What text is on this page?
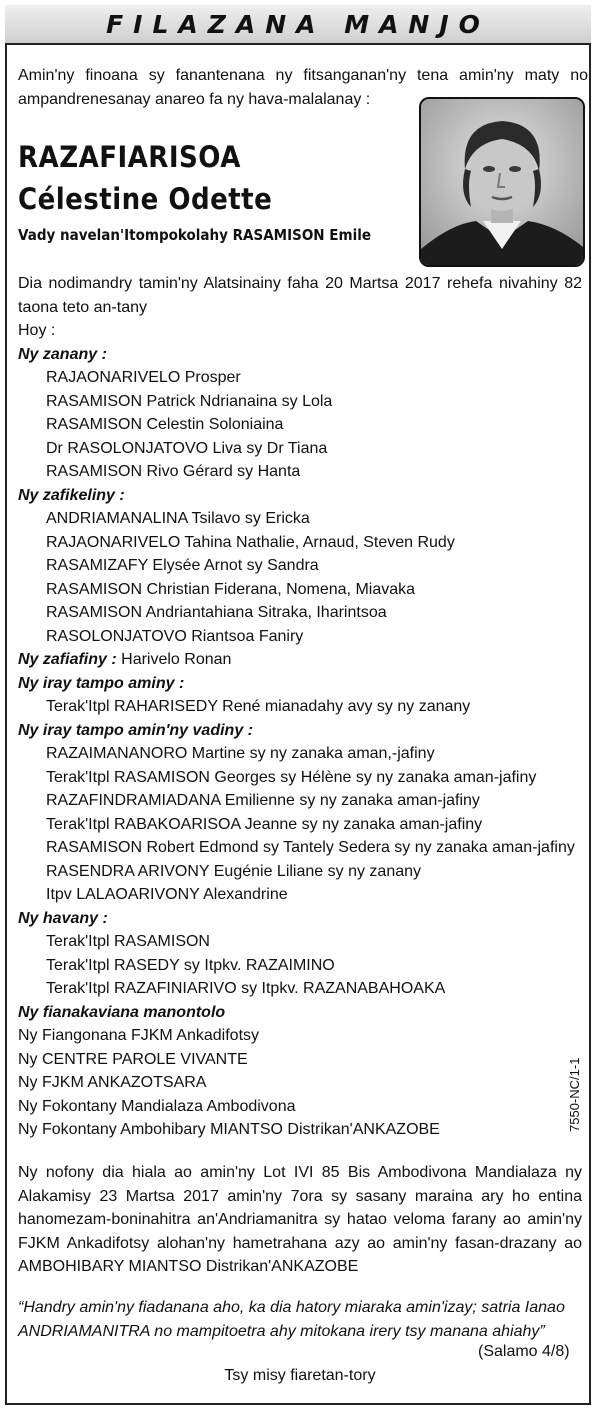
FILAZANA MANJO
Amin'ny finoana sy fanantenana ny fitsanganan'ny tena amin'ny maty no ampandrenesanay anareo fa ny hava-malalanay :
RAZAFIARISOA
Célestine Odette
Vady navelan'Itompokolahy RASAMISON Emile
Dia nodimandry tamin'ny Alatsinainy faha 20 Martsa 2017 rehefa nivahiny 82 taona teto an-tany
Hoy :
Ny zanany :
RAJAONARIVELO Prosper
RASAMISON Patrick Ndrianaina sy Lola
RASAMISON Celestin Soloniaina
Dr RASOLONJATOVO Liva sy Dr Tiana
RASAMISON Rivo Gérard sy Hanta
Ny zafikeliny :
ANDRIAMANALINA Tsilavo sy Ericka
RAJAONARIVELO Tahina Nathalie, Arnaud, Steven Rudy
RASAMIZAFY Elysée Arnot sy Sandra
RASAMISON Christian Fiderana, Nomena, Miavaka
RASAMISON Andriantahiana Sitraka, Iharintsoa
RASOLONJATOVO Riantsoa Faniry
Ny zafiafiny : Harivelo Ronan
Ny iray tampo aminy :
Terak'Itpl RAHARISEDY René mianadahy avy sy ny zanany
Ny iray tampo amin'ny vadiny :
RAZAIMANANORO Martine sy ny zanaka aman,-jafiny
Terak'Itpl RASAMISON Georges sy Hélène sy ny zanaka aman-jafiny
RAZAFINDRAMIADANA Emilienne sy ny zanaka aman-jafiny
Terak'Itpl RABAKOARISOA Jeanne sy ny zanaka aman-jafiny
RASAMISON Robert Edmond sy Tantely Sedera sy ny zanaka aman-jafiny
RASENDRA ARIVONY Eugénie Liliane sy ny zanany
Itpv LALAOARIVONY Alexandrine
Ny havany :
Terak'Itpl RASAMISON
Terak'Itpl RASEDY sy Itpkv. RAZAIMINO
Terak'Itpl RAZAFINIARIVO sy Itpkv. RAZANABAHOAKA
Ny fianakaviana manontolo
Ny Fiangonana FJKM Ankadifotsy
Ny CENTRE PAROLE VIVANTE
Ny FJKM ANKAZOTSARA
Ny Fokontany Mandialaza Ambodivona
Ny Fokontany Ambohibary MIANTSO Distrikan'ANKAZOBE	7550-NC/1-1
Ny nofony dia hiala ao amin'ny Lot IVI 85 Bis Ambodivona Mandialaza ny Alakamisy 23 Martsa 2017 amin'ny 7ora sy sasany maraina ary ho entina hanomezam-boninahitra an'Andriamanitra sy hatao veloma farany ao amin'ny FJKM Ankadifotsy alohan'ny hametrahana azy ao amin'ny fasan-drazany ao AMBOHIBARY MIANTSO Distrikan'ANKAZOBE
“Handry amin'ny fiadanana aho, ka dia hatory miaraka amin'izay; satria Ianao ANDRIAMANITRA no mampitoetra ahy mitokana irery tsy manana ahiahy”
(Salamo 4/8)
Tsy misy fiaretan-tory
